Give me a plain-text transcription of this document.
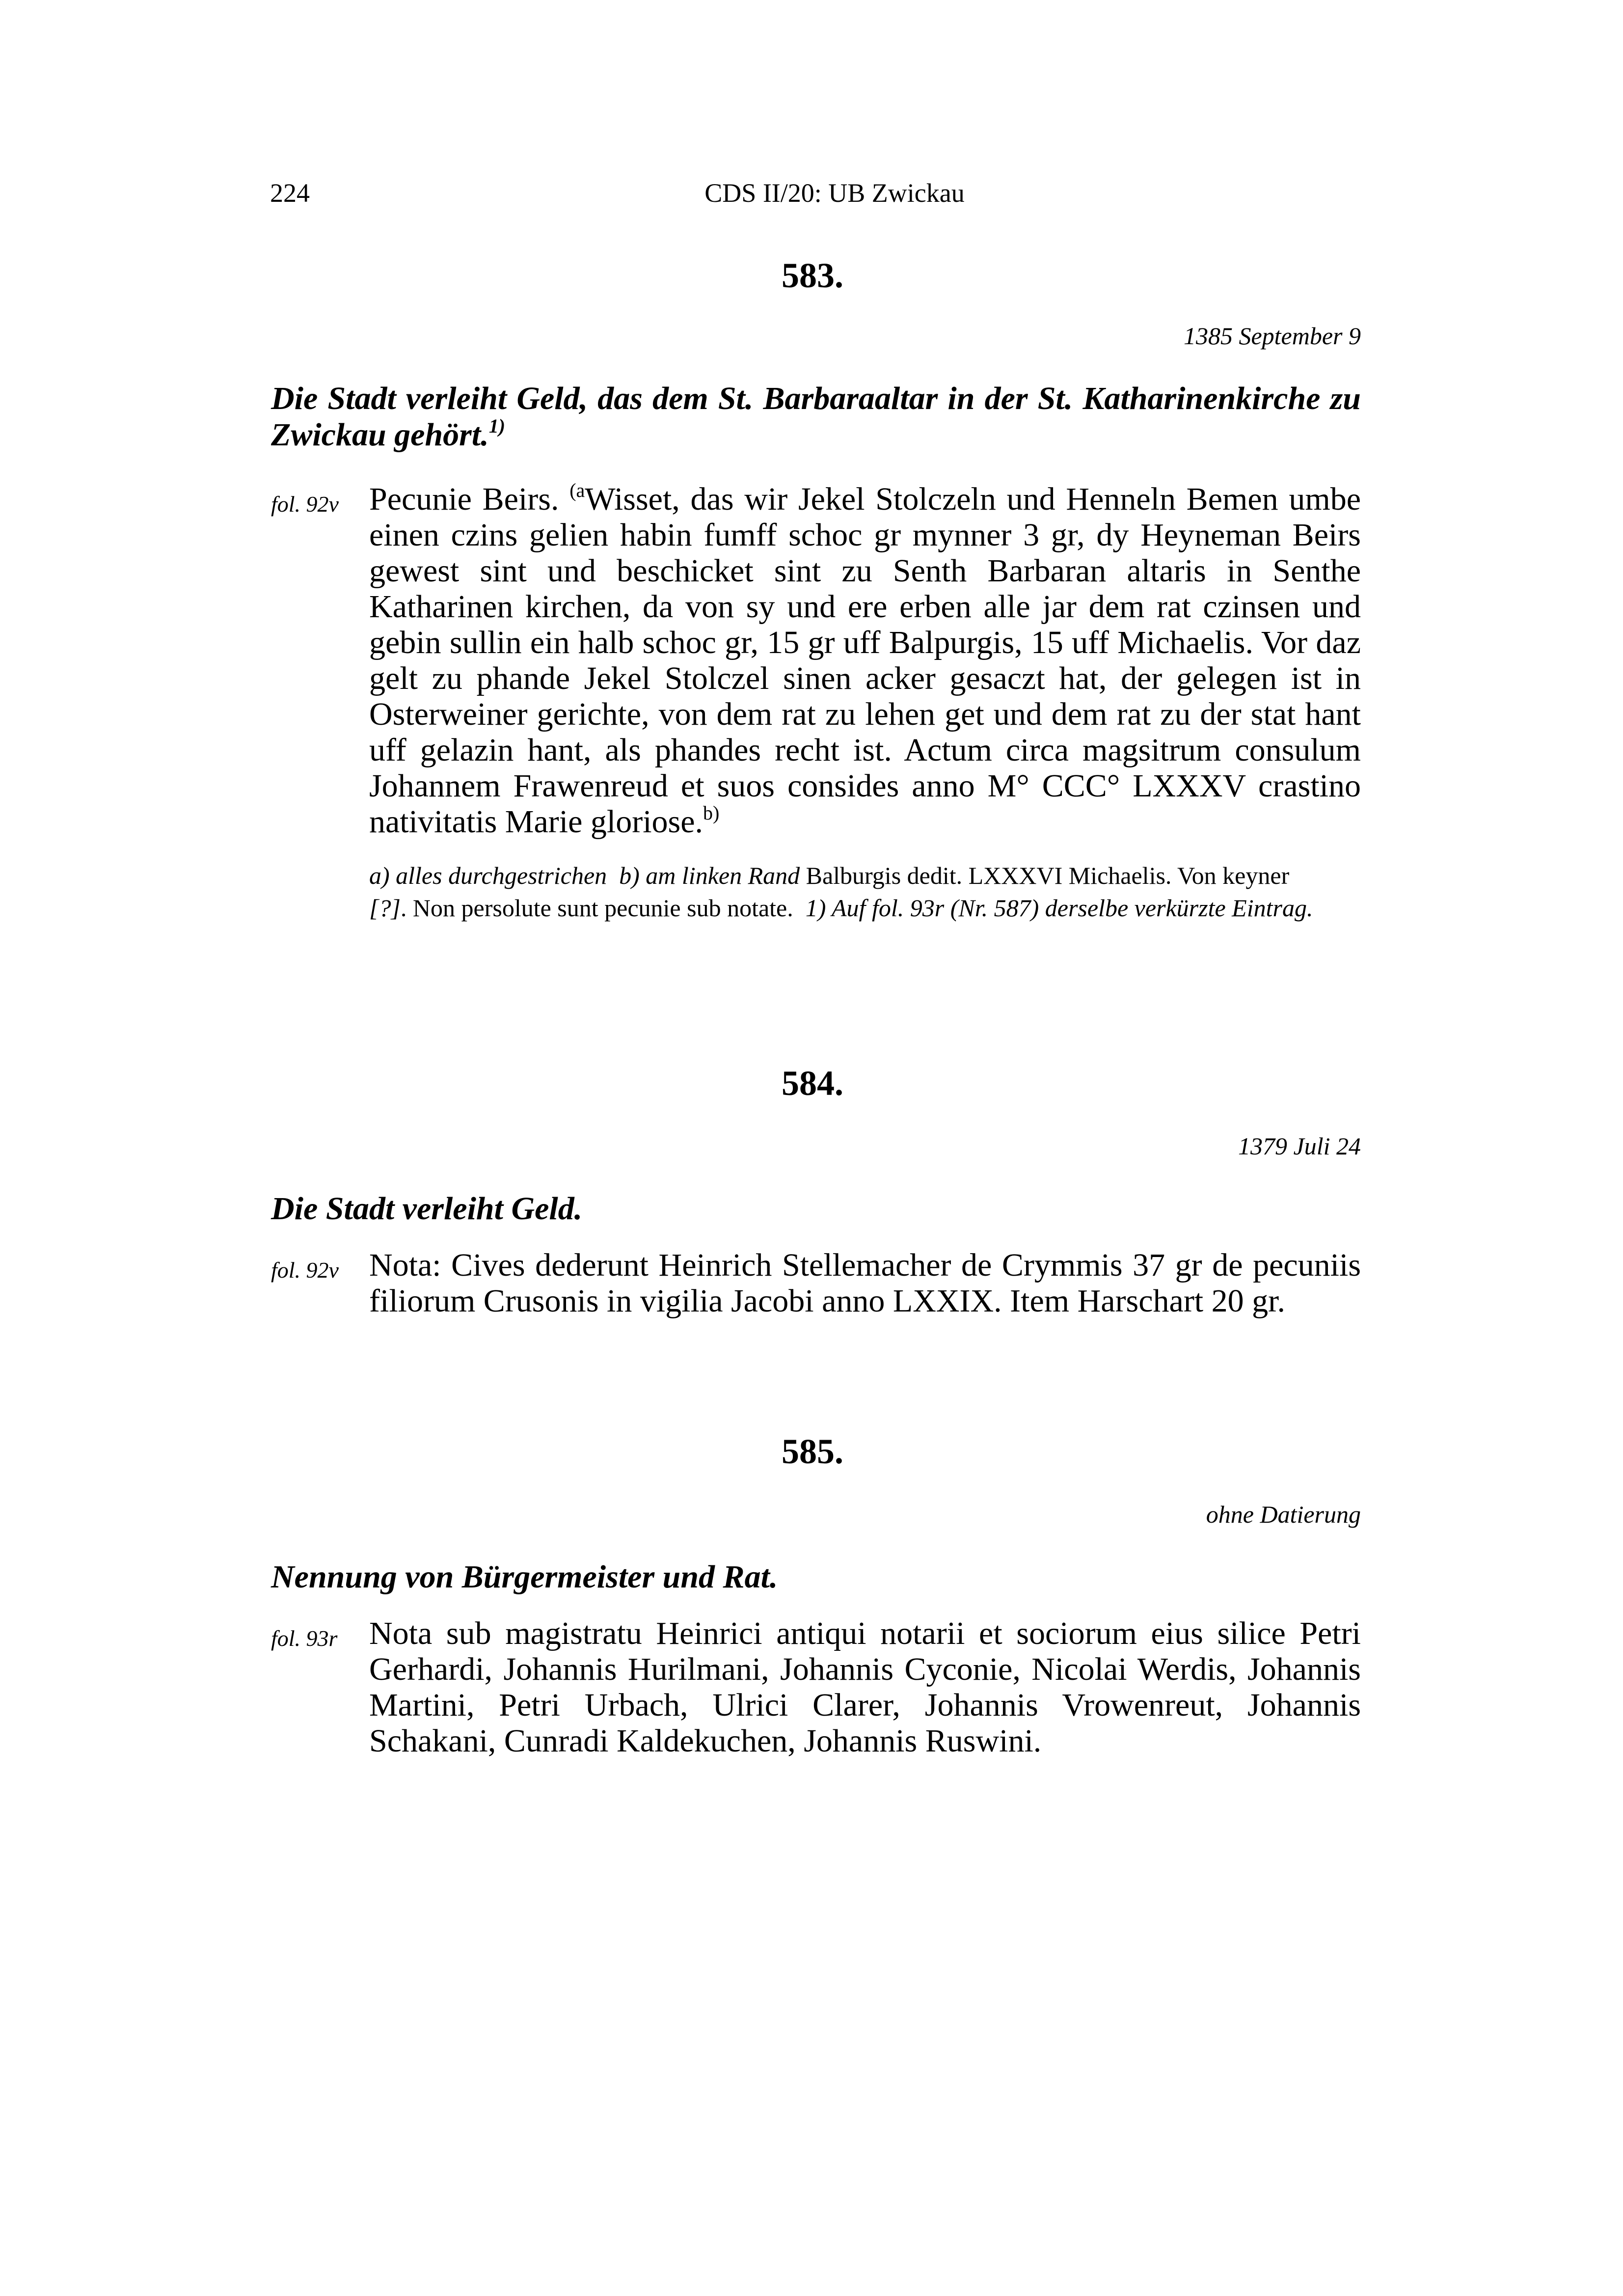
224	CDS II/20: UB Zwickau
583.
1385 September 9
Die Stadt verleiht Geld, das dem St. Barbaraaltar in der St. Katharinenkirche zu Zwickau gehört.$^{1)}$
fol. 92v Pecunie Beirs. $^{(a}$Wisset, das wir Jekel Stolczeln und Henneln Bemen umbe einen czins gelien habin fumff schoc gr mynner 3 gr, dy Heyneman Beirs gewest sint und beschicket sint zu Senth Barbaran altaris in Senthe Katharinen kirchen, da von sy und ere erben alle jar dem rat czinsen und gebin sullin ein halb schoc gr, 15 gr uff Balpurgis, 15 uff Michaelis. Vor daz gelt zu phande Jekel Stolczel sinen acker gesaczt hat, der gelegen ist in Osterweiner gerichte, von dem rat zu lehen get und dem rat zu der stat hant uff gelazin hant, als phandes recht ist. Actum circa magsitrum consulum Johannem Frawenreud et suos consides anno M° CCC° LXXXV crastino nativitatis Marie gloriose.$^{b)}$
a) alles durchgestrichen b) am linken Rand Balburgis dedit. LXXXVI Michaelis. Von keyner [?]. Non persolute sunt pecunie sub notate. 1) Auf fol. 93r (Nr. 587) derselbe verkürzte Eintrag.
584.
1379 Juli 24
Die Stadt verleiht Geld.
fol. 92v Nota: Cives dederunt Heinrich Stellemacher de Crymmis 37 gr de pecuniis filiorum Crusonis in vigilia Jacobi anno LXXIX. Item Harschart 20 gr.
585.
ohne Datierung
Nennung von Bürgermeister und Rat.
fol. 93r Nota sub magistratu Heinrici antiqui notarii et sociorum eius silice Petri Gerhardi, Johannis Hurilmani, Johannis Cyconie, Nicolai Werdis, Johannis Martini, Petri Urbach, Ulrici Clarer, Johannis Vrowenreut, Johannis Schakani, Cunradi Kaldekuchen, Johannis Ruswini.
